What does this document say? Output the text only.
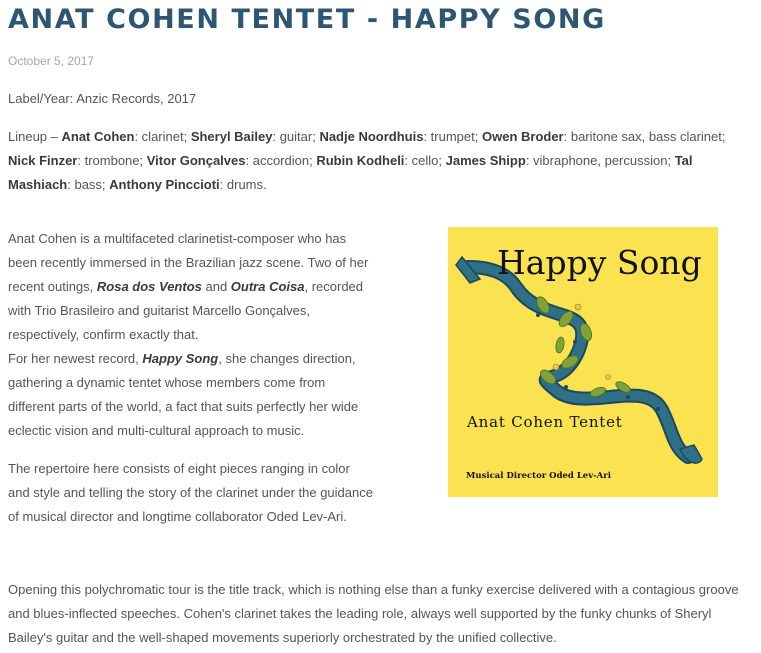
ANAT COHEN TENTET - HAPPY SONG
October 5, 2017

Label/Year: Anzic Records, 2017

Lineup – Anat Cohen: clarinet; Sheryl Bailey: guitar; Nadje Noordhuis: trumpet; Owen Broder: baritone sax, bass clarinet; Nick Finzer: trombone; Vitor Gonçalves: accordion; Rubin Kodheli: cello; James Shipp: vibraphone, percussion; Tal Mashiach: bass; Anthony Pinccioti: drums.

Anat Cohen is a multifaceted clarinetist-composer who has been recently immersed in the Brazilian jazz scene. Two of her recent outings, Rosa dos Ventos and Outra Coisa, recorded with Trio Brasileiro and guitarist Marcello Gonçalves, respectively, confirm exactly that.
For her newest record, Happy Song, she changes direction, gathering a dynamic tentet whose members come from different parts of the world, a fact that suits perfectly her wide eclectic vision and multi-cultural approach to music.

The repertoire here consists of eight pieces ranging in color and style and telling the story of the clarinet under the guidance of musical director and longtime collaborator Oded Lev-Ari.

Happy Song
Anat Cohen Tentet
Musical Director Oded Lev-Ari

Opening this polychromatic tour is the title track, which is nothing else than a funky exercise delivered with a contagious groove and blues-inflected speeches. Cohen's clarinet takes the leading role, always well supported by the funky chunks of Sheryl Bailey's guitar and the well-shaped movements superiorly orchestrated by the unified collective.
